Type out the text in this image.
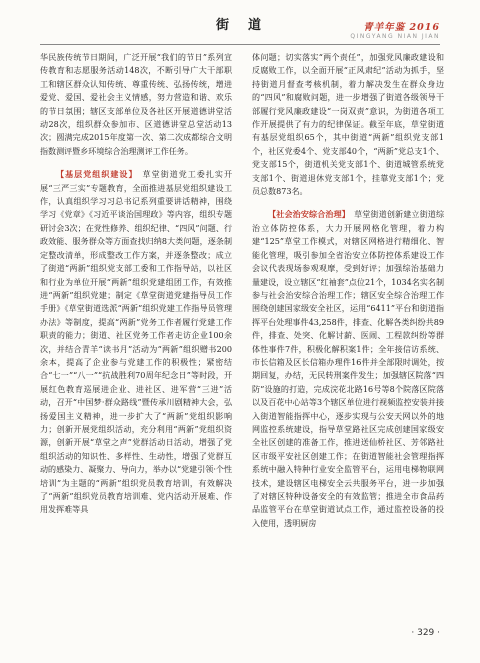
街　道	青羊年鉴 2016
QINGYANG NIAN JIAN

华民族传统节日期间，广泛开展“我们的节日”系列宣传教育和志愿服务活动148次，不断引导广大干部职工和辖区群众认知传统、尊重传统、弘扬传统，增进爱党、爱国、爱社会主义情感，努力营造和谐、欢乐的节日氛围；辖区支部单位及各社区开展道德讲堂活动28次，组织群众参加市、区道德讲堂总堂活动13次；圆满完成2015年度第一次、第二次成都综合文明指数测评暨乡环境综合治理测评工作任务。

【基层党组织建设】　 草堂街道党工委扎实开展“三严三实”专题教育，全面推进基层党组织建设工作，认真组织学习习总书记系列重要讲话精神，围绕学习《党章》《习近平谈治国理政》等内容，组织专题研讨会3次；在党性修养、组织纪律、“四风”问题、行政效能、服务群众等方面查找归纳8大类问题，逐条制定整改清单，形成整改工作方案，并逐条整改；成立了街道“两新”组织党支部工委和工作指导站，以社区和行业为单位开展“两新”组织党建组团工作，有效推进“两新”组织党建；制定《草堂街道党建指导员工作手册》《草堂街道选派“两新”组织党建工作指导员管理办法》等制度，提高“两新”党务工作者履行党建工作职责的能力；街道、社区党务工作者走访企业100余次，并结合青羊“读书月”活动为“两新”组织赠书200余本，提高了企业参与党建工作的积极性；紧密结合“七一”“八一”“抗战胜利70周年纪念日”等时段，开展红色教育巡展进企业、进社区、进军营“三进”活动，召开“中国梦·群众路线”暨传承川剧精神大会，弘扬爱国主义精神，进一步扩大了“两新”党组织影响力；创新开展党组织活动，充分利用“两新”党组织资源，创新开展“草堂之声”党群活动日活动，增强了党组织活动的知识性、多样性、生动性，增强了党群互动的感染力、凝聚力、导向力，举办以“党建引领·个性培训”为主题的“两新”组织党员教育培训，有效解决了“两新”组织党员教育培训难、党内活动开展难、作用发挥难等具

体问题；切实落实“两个责任”，加强党风廉政建设和反腐败工作，以全面开展“正风肃纪”活动为抓手，坚持街道月督查考核机制，着力解决发生在群众身边的“四风”和腐败问题，进一步增强了街道各级领导干部履行党风廉政建设“一岗双责”意识，为街道各项工作开展提供了有力的纪律保证。截至年底，草堂街道有基层党组织65个，其中街道“两新”组织党支部1个，社区党委4个、党支部40个，“两新”党总支1个、党支部15个，街道机关党支部1个、街道城管系统党支部1个、街道退休党支部1个，挂靠党支部1个；党员总数873名。

【社会治安综合治理】　 草堂街道创新建立街道综治立体防控体系，大力开展网格化管理，着力构建“125”草堂工作模式，对辖区网格进行精细化、智能化管理，吸引参加全省治安立体防控体系建设工作会议代表现场参观观摩，受到好评；加强综治基础力量建设，设立辖区“红袖套”点位21个，1034名实名制参与社会治安综合治理工作；辖区安全综合治理工作围绕创建国家级安全社区，运用“6411”平台和街道指挥平台处理事件43,258件，排查、化解各类纠纷共89件，排查、处突、化解讨薪、医闹、工程款纠纷等群体性事件7件，积极化解积案1件；全年接信访系统、市长信箱及区长信箱办理件16件并全部限时调处，按期回复，办结，无民转刑案件发生；加强辖区院落“四防”设施的打造，完成浣花北路16号等8个院落区院落以及百花中心站等3个辖区单位进行视频监控安装并接入街道智能指挥中心，逐步实现与公安天网以外的地网监控系统建设，指导草堂路社区完成创建国家级安全社区创建的准备工作，推进送仙桥社区、芳邻路社区市级平安社区创建工作；在街道智能社会管理指挥系统中融入特种行业安全监管平台，运用电梯物联网技术，建设辖区电梯安全云共服务平台，进一步加强了对辖区特种设备安全的有效监管；推进全市食品药品监管平台在草堂街道试点工作，通过监控设备的投入使用，透明厨房

· 329 ·
